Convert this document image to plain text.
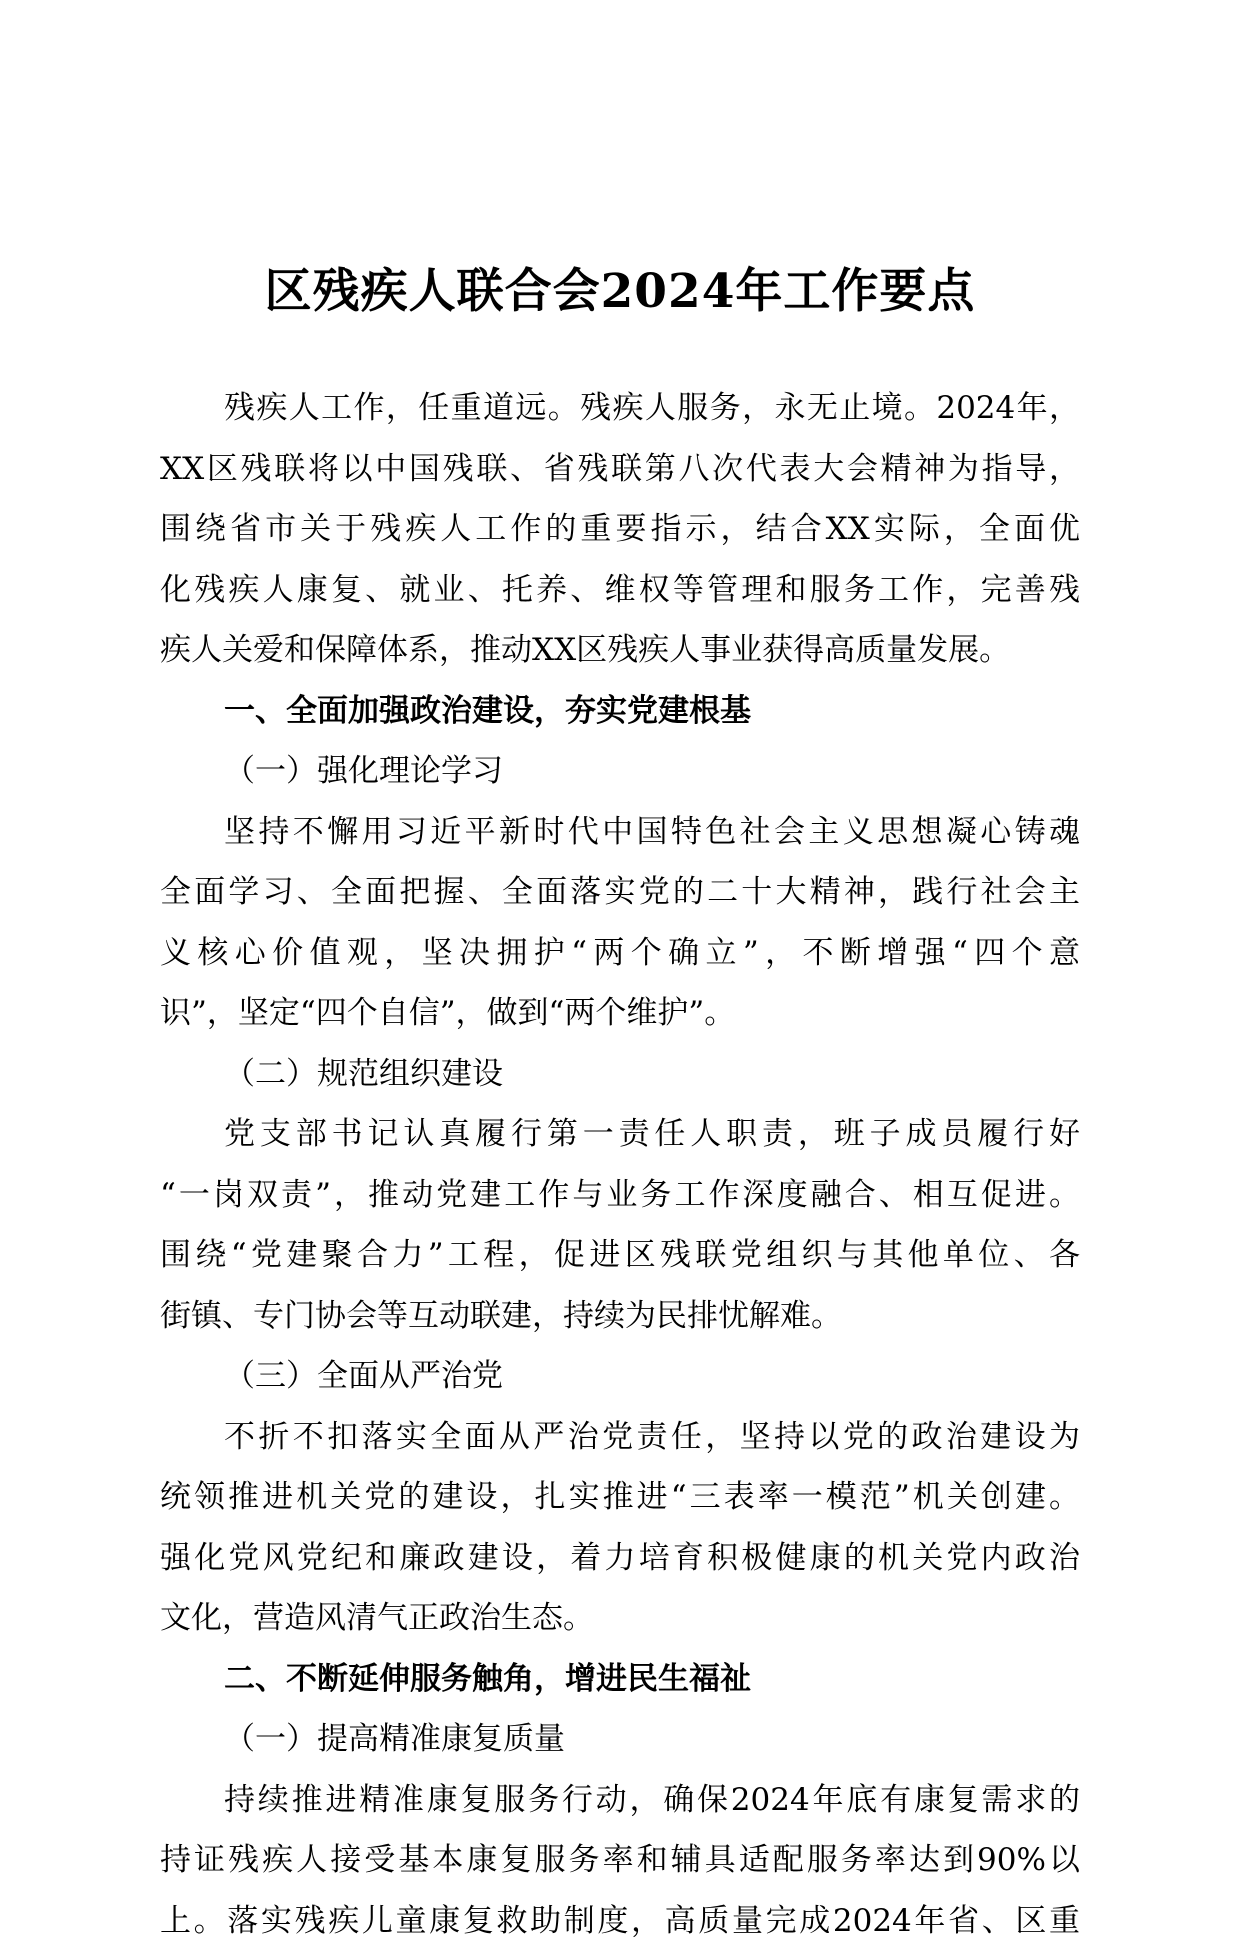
区残疾人联合会2024年工作要点
残疾人工作，任重道远。残疾人服务，永无止境。2024年，
XX区残联将以中国残联、省残联第八次代表大会精神为指导，
围绕省市关于残疾人工作的重要指示，结合XX实际，全面优
化残疾人康复、就业、托养、维权等管理和服务工作，完善残
疾人关爱和保障体系，推动XX区残疾人事业获得高质量发展。
一、全面加强政治建设，夯实党建根基
（一）强化理论学习
坚持不懈用习近平新时代中国特色社会主义思想凝心铸魂
全面学习、全面把握、全面落实党的二十大精神，践行社会主
义核心价值观，坚决拥护“两个确立”，不断增强“四个意
识”，坚定“四个自信”，做到“两个维护”。
（二）规范组织建设
党支部书记认真履行第一责任人职责，班子成员履行好
“一岗双责”，推动党建工作与业务工作深度融合、相互促进。
围绕“党建聚合力”工程，促进区残联党组织与其他单位、各
街镇、专门协会等互动联建，持续为民排忧解难。
（三）全面从严治党
不折不扣落实全面从严治党责任，坚持以党的政治建设为
统领推进机关党的建设，扎实推进“三表率一模范”机关创建。
强化党风党纪和廉政建设，着力培育积极健康的机关党内政治
文化，营造风清气正政治生态。
二、不断延伸服务触角，增进民生福祉
（一）提高精准康复质量
持续推进精准康复服务行动，确保2024年底有康复需求的
持证残疾人接受基本康复服务率和辅具适配服务率达到90%以
上。落实残疾儿童康复救助制度，高质量完成2024年省、区重
